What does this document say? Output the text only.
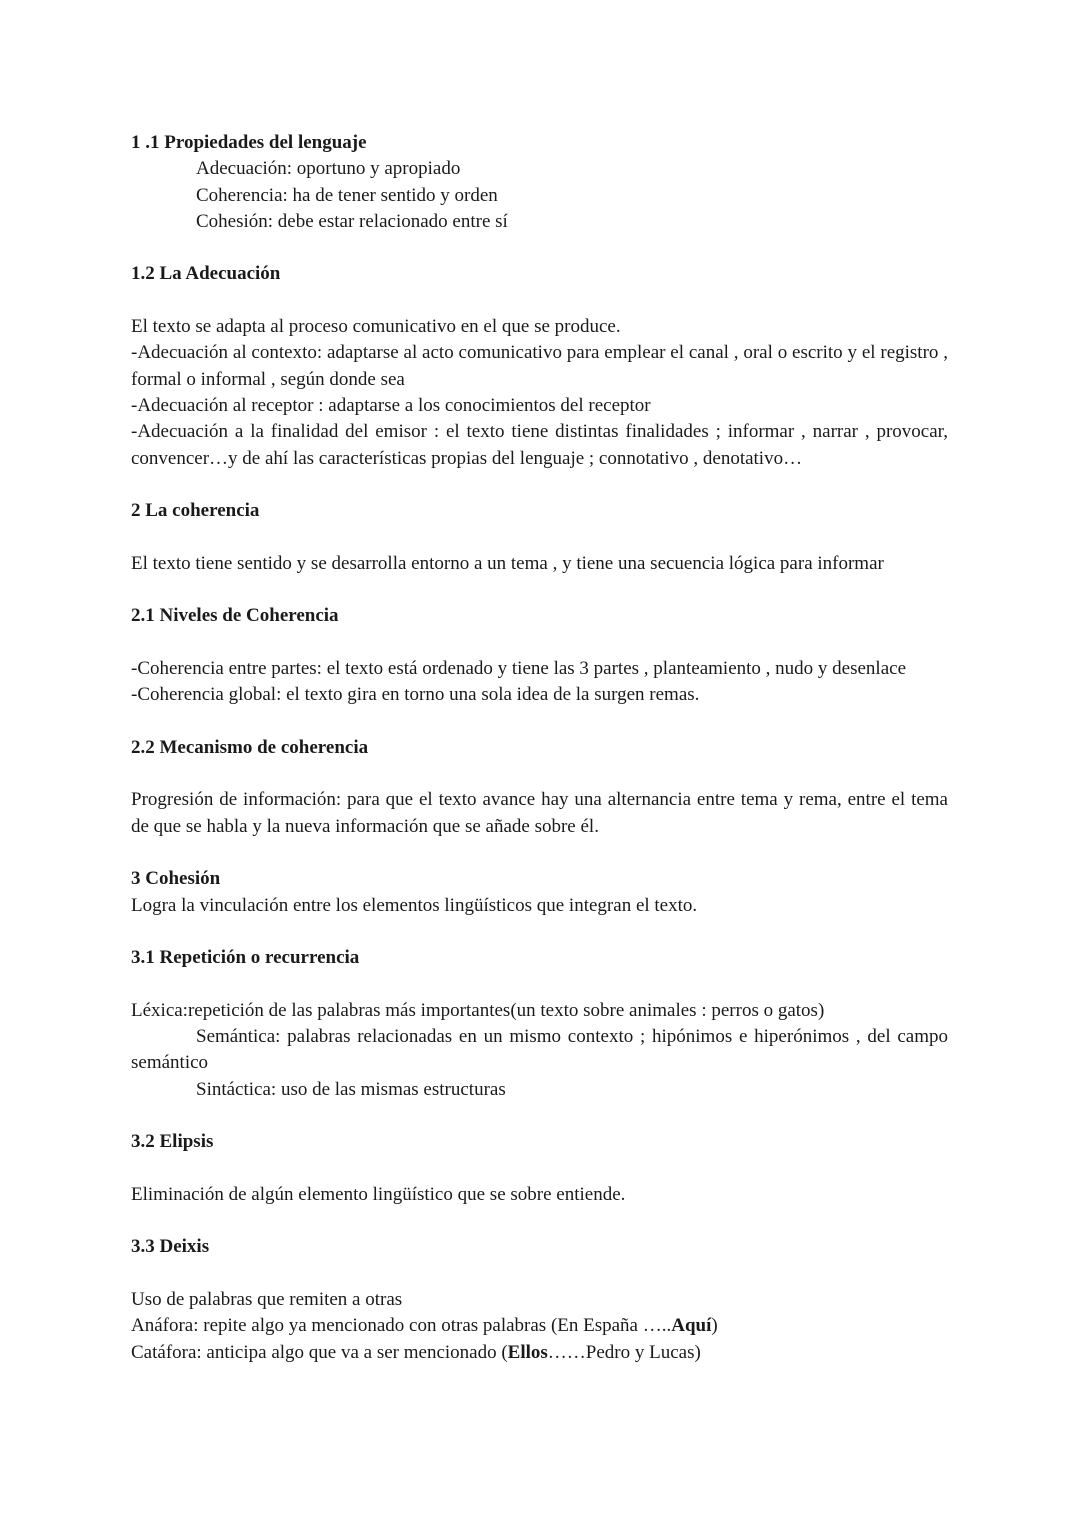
1 .1 Propiedades del lenguaje

Adecuación: oportuno y apropiado

Coherencia: ha de tener sentido y orden

Cohesión: debe estar relacionado entre sí

1.2 La Adecuación

El texto se adapta al proceso comunicativo en el que se produce.

-Adecuación al contexto: adaptarse al acto comunicativo para emplear el canal , oral o escrito y el registro , formal o informal , según donde sea

-Adecuación al receptor : adaptarse a los conocimientos del receptor

-Adecuación a la finalidad del emisor : el texto tiene distintas finalidades ; informar , narrar , provocar, convencer…y de ahí las características propias del lenguaje ; connotativo , denotativo…

2 La coherencia

El texto tiene sentido y se desarrolla entorno a un tema , y tiene una secuencia lógica para informar

2.1 Niveles de Coherencia

-Coherencia entre partes: el texto está ordenado y tiene las 3 partes , planteamiento , nudo y desenlace

-Coherencia global: el texto gira en torno una sola idea de la surgen remas.

2.2 Mecanismo de coherencia

Progresión de información: para que el texto avance hay una alternancia entre tema y rema, entre el tema de que se habla y la nueva información que se añade sobre él.

3 Cohesión

Logra la vinculación entre los elementos lingüísticos que integran el texto.

3.1 Repetición o recurrencia

Léxica:repetición de las palabras más importantes(un texto sobre animales : perros o gatos)

Semántica: palabras relacionadas en un mismo contexto ; hipónimos e hiperónimos , del campo semántico

Sintáctica: uso de las mismas estructuras

3.2 Elipsis

Eliminación de algún elemento lingüístico que se sobre entiende.

3.3 Deixis

Uso de palabras que remiten a otras

Anáfora: repite algo ya mencionado con otras palabras (En España …..Aquí)

Catáfora: anticipa algo que va a ser mencionado (Ellos……Pedro y Lucas)
